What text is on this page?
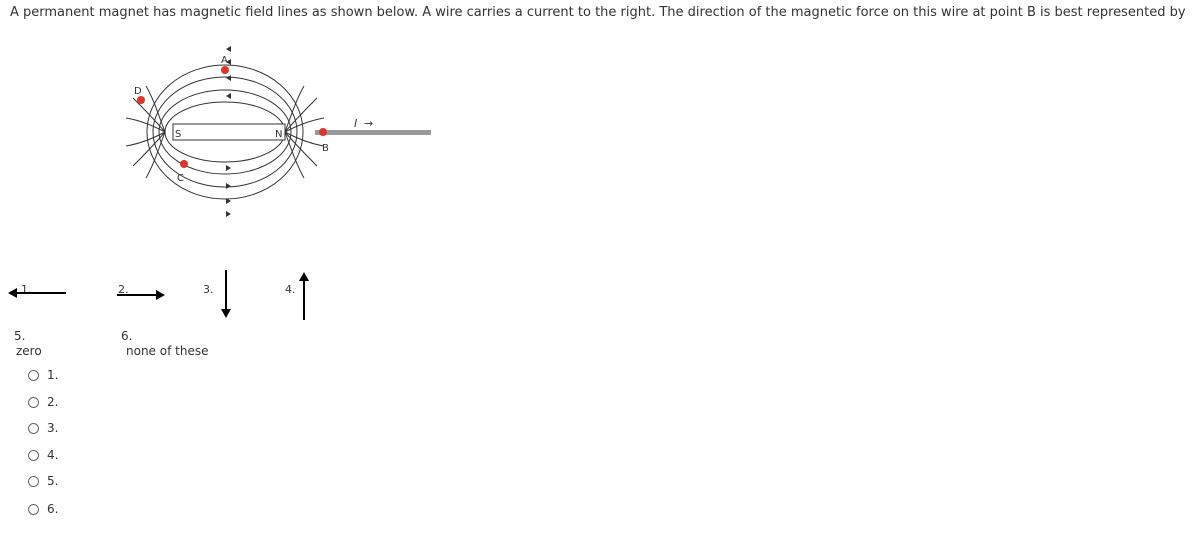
A permanent magnet has magnetic field lines as shown below. A wire carries a current to the right. The direction of the magnetic force on this wire at point B is best represented by
A
D
C
B
S	N
I →
1.	2.	3.	4.
5.
zero
6.
none of these
1.
2.
3.
4.
5.
6.
